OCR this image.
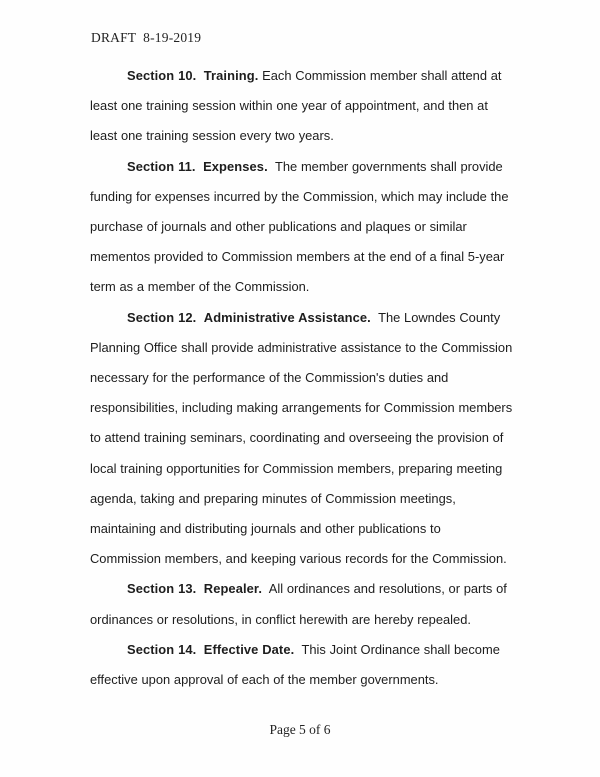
DRAFT  8-19-2019

Section 10. Training. Each Commission member shall attend at least one training session within one year of appointment, and then at least one training session every two years.

Section 11. Expenses. The member governments shall provide funding for expenses incurred by the Commission, which may include the purchase of journals and other publications and plaques or similar mementos provided to Commission members at the end of a final 5-year term as a member of the Commission.

Section 12. Administrative Assistance. The Lowndes County Planning Office shall provide administrative assistance to the Commission necessary for the performance of the Commission's duties and responsibilities, including making arrangements for Commission members to attend training seminars, coordinating and overseeing the provision of local training opportunities for Commission members, preparing meeting agenda, taking and preparing minutes of Commission meetings, maintaining and distributing journals and other publications to Commission members, and keeping various records for the Commission.

Section 13. Repealer. All ordinances and resolutions, or parts of ordinances or resolutions, in conflict herewith are hereby repealed.

Section 14. Effective Date. This Joint Ordinance shall become effective upon approval of each of the member governments.

Page 5 of 6
